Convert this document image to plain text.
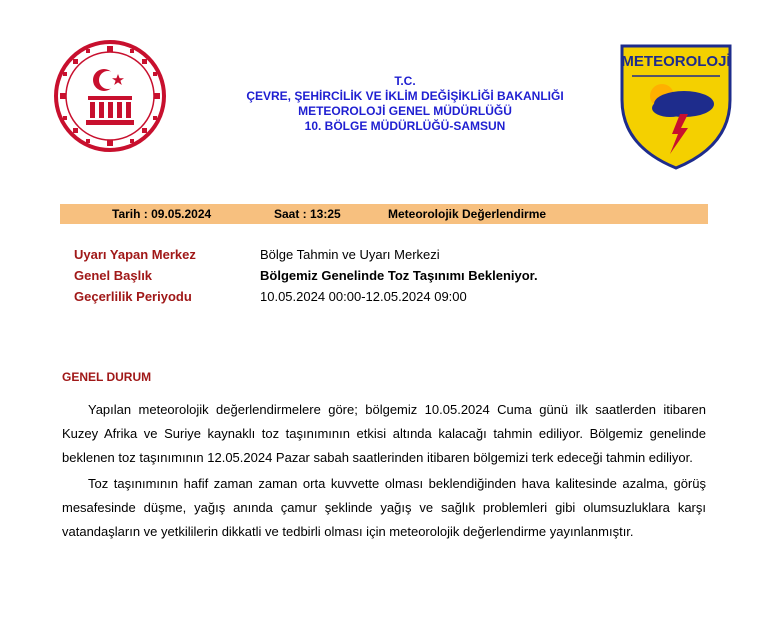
METEOROLOJİ
T.C.
ÇEVRE, ŞEHİRCİLİK VE İKLİM DEĞİŞİKLİĞİ BAKANLIĞI
METEOROLOJİ GENEL MÜDÜRLÜĞÜ
10. BÖLGE MÜDÜRLÜĞÜ-SAMSUN
Tarih : 09.05.2024	Saat : 13:25	Meteorolojik Değerlendirme
Uyarı Yapan Merkez	Bölge Tahmin ve Uyarı Merkezi
Genel Başlık	Bölgemiz Genelinde Toz Taşınımı Bekleniyor.
Geçerlilik Periyodu	10.05.2024 00:00-12.05.2024 09:00
GENEL DURUM
Yapılan meteorolojik değerlendirmelere göre; bölgemiz 10.05.2024 Cuma günü ilk saatlerden itibaren Kuzey Afrika ve Suriye kaynaklı toz taşınımının etkisi altında kalacağı tahmin ediliyor. Bölgemiz genelinde beklenen toz taşınımının 12.05.2024 Pazar sabah saatlerinden itibaren bölgemizi terk edeceği tahmin ediliyor.
Toz taşınımının hafif zaman zaman orta kuvvette olması beklendiğinden hava kalitesinde azalma, görüş mesafesinde düşme, yağış anında çamur şeklinde yağış ve sağlık problemleri gibi olumsuzluklara karşı vatandaşların ve yetkililerin dikkatli ve tedbirli olması için meteorolojik değerlendirme yayınlanmıştır.
